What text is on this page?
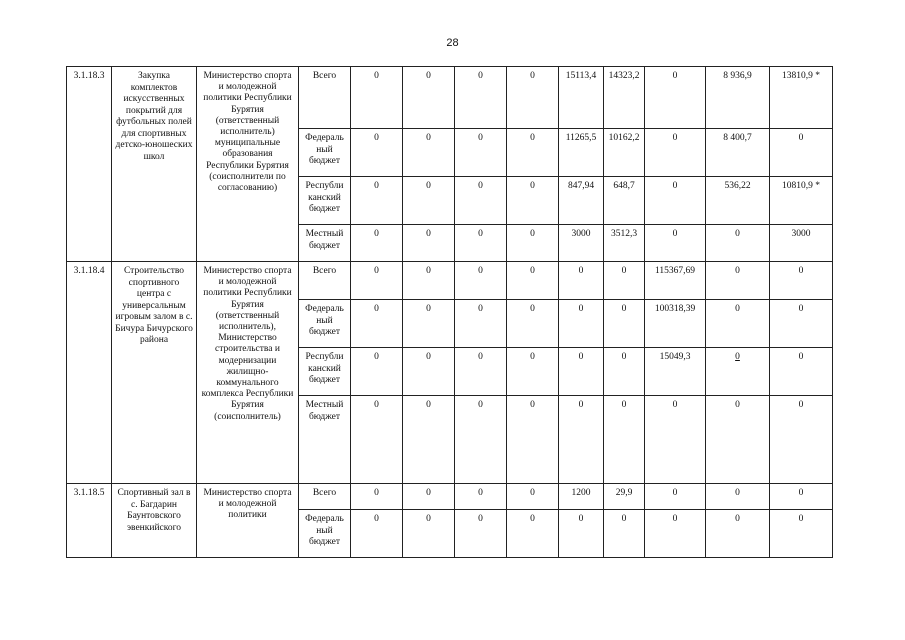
28
3.1.18.3	Закупка комплектов искусственных покрытий для футбольных полей для спортивных детско-юношеских школ	Министерство спорта и молодежной политики Республики Бурятия (ответственный исполнитель) муниципальные образования Республики Бурятия (соисполнители по согласованию)	Всего	0	0	0	0	15113,4	14323,2	0	8 936,9	13810,9 *
			Федераль ный бюджет	0	0	0	0	11265,5	10162,2	0	8 400,7	0
			Республи канский бюджет	0	0	0	0	847,94	648,7	0	536,22	10810,9 *
			Местный бюджет	0	0	0	0	3000	3512,3	0	0	3000
3.1.18.4	Строительство спортивного центра с универсальным игровым залом в с. Бичура Бичурского района	Министерство спорта и молодежной политики Республики Бурятия (ответственный исполнитель), Министерство строительства и модернизации жилищно-коммунального комплекса Республики Бурятия (соисполнитель)	Всего	0	0	0	0	0	0	115367,69	0	0
			Федераль ный бюджет	0	0	0	0	0	0	100318,39	0	0
			Республи канский бюджет	0	0	0	0	0	0	15049,3	0	0
			Местный бюджет	0	0	0	0	0	0	0	0	0
3.1.18.5	Спортивный зал в с. Багдарин Баунтовского эвенкийского	Министерство спорта и молодежной политики	Всего	0	0	0	0	1200	29,9	0	0	0
			Федераль ный бюджет	0	0	0	0	0	0	0	0	0
